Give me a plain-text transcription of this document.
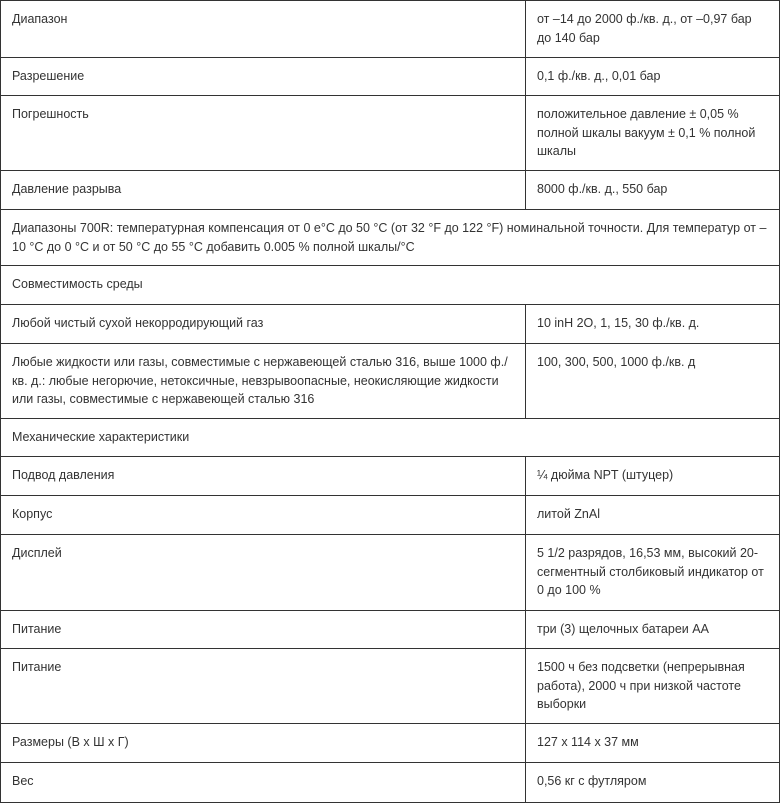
Диапазон	от –14 до 2000 ф./кв. д., от –0,97 бар до 140 бар
Разрешение	0,1 ф./кв. д., 0,01 бар
Погрешность	положительное давление ± 0,05 % полной шкалы вакуум ± 0,1 % полной шкалы
Давление разрыва	8000 ф./кв. д., 550 бар
Диапазоны 700R: температурная компенсация от 0 е°C до 50 °C (от 32 °F до 122 °F) номинальной точности. Для температур от –10 °C до 0 °C и от 50 °C до 55 °C добавить 0.005 % полной шкалы/°C	
Совместимость среды	
Любой чистый сухой некорродирующий газ	10 inH 2O, 1, 15, 30 ф./кв. д.
Любые жидкости или газы, совместимые с нержавеющей сталью 316, выше 1000 ф./кв. д.: любые негорючие, нетоксичные, невзрывоопасные, неокисляющие жидкости или газы, совместимые с нержавеющей сталью 316	100, 300, 500, 1000 ф./кв. д
Механические характеристики	
Подвод давления	¼ дюйма NPT (штуцер)
Корпус	литой ZnAl
Дисплей	5 1/2 разрядов, 16,53 мм, высокий 20-сегментный столбиковый индикатор от 0 до 100 %
Питание	три (3) щелочных батареи АА
Питание	1500 ч без подсветки (непрерывная работа), 2000 ч при низкой частоте выборки
Размеры (В x Ш x Г)	127 x 114 x 37 мм
Вес	0,56 кг с футляром
